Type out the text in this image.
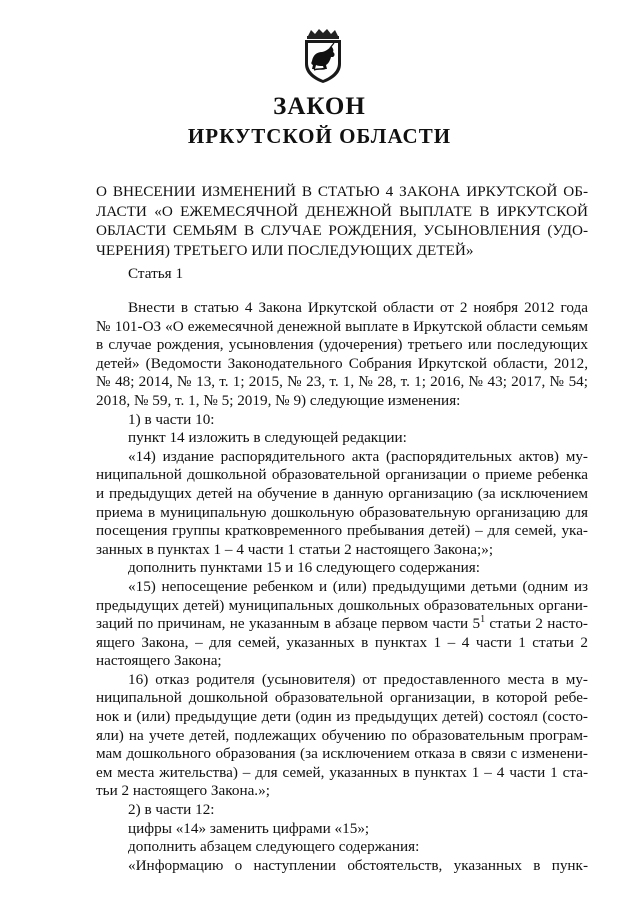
ЗАКОН
ИРКУТСКОЙ ОБЛАСТИ
О ВНЕСЕНИИ ИЗМЕНЕНИЙ В СТАТЬЮ 4 ЗАКОНА ИРКУТСКОЙ ОБ-
ЛАСТИ «О ЕЖЕМЕСЯЧНОЙ ДЕНЕЖНОЙ ВЫПЛАТЕ В ИРКУТСКОЙ
ОБЛАСТИ СЕМЬЯМ В СЛУЧАЕ РОЖДЕНИЯ, УСЫНОВЛЕНИЯ (УДО-
ЧЕРЕНИЯ) ТРЕТЬЕГО ИЛИ ПОСЛЕДУЮЩИХ ДЕТЕЙ»
Статья 1
Внести в статью 4 Закона Иркутской области от 2 ноября 2012 года
№ 101-ОЗ «О ежемесячной денежной выплате в Иркутской области семьям
в случае рождения, усыновления (удочерения) третьего или последующих
детей» (Ведомости Законодательного Собрания Иркутской области, 2012,
№ 48; 2014, № 13, т. 1; 2015, № 23, т. 1, № 28, т. 1; 2016, № 43; 2017, № 54;
2018, № 59, т. 1, № 5; 2019, № 9) следующие изменения:
1) в части 10:
пункт 14 изложить в следующей редакции:
«14) издание распорядительного акта (распорядительных актов) му-
ниципальной дошкольной образовательной организации о приеме ребенка
и предыдущих детей на обучение в данную организацию (за исключением
приема в муниципальную дошкольную образовательную организацию для
посещения группы кратковременного пребывания детей) – для семей, ука-
занных в пунктах 1 – 4 части 1 статьи 2 настоящего Закона;»;
дополнить пунктами 15 и 16 следующего содержания:
«15) непосещение ребенком и (или) предыдущими детьми (одним из
предыдущих детей) муниципальных дошкольных образовательных органи-
заций по причинам, не указанным в абзаце первом части $5^1$ статьи 2 насто-
ящего Закона, – для семей, указанных в пунктах 1 – 4 части 1 статьи 2
настоящего Закона;
16) отказ родителя (усыновителя) от предоставленного места в му-
ниципальной дошкольной образовательной организации, в которой ребе-
нок и (или) предыдущие дети (один из предыдущих детей) состоял (состо-
яли) на учете детей, подлежащих обучению по образовательным програм-
мам дошкольного образования (за исключением отказа в связи с изменени-
ем места жительства) – для семей, указанных в пунктах 1 – 4 части 1 ста-
тьи 2 настоящего Закона.»;
2) в части 12:
цифры «14» заменить цифрами «15»;
дополнить абзацем следующего содержания:
«Информацию о наступлении обстоятельств, указанных в пунк-
